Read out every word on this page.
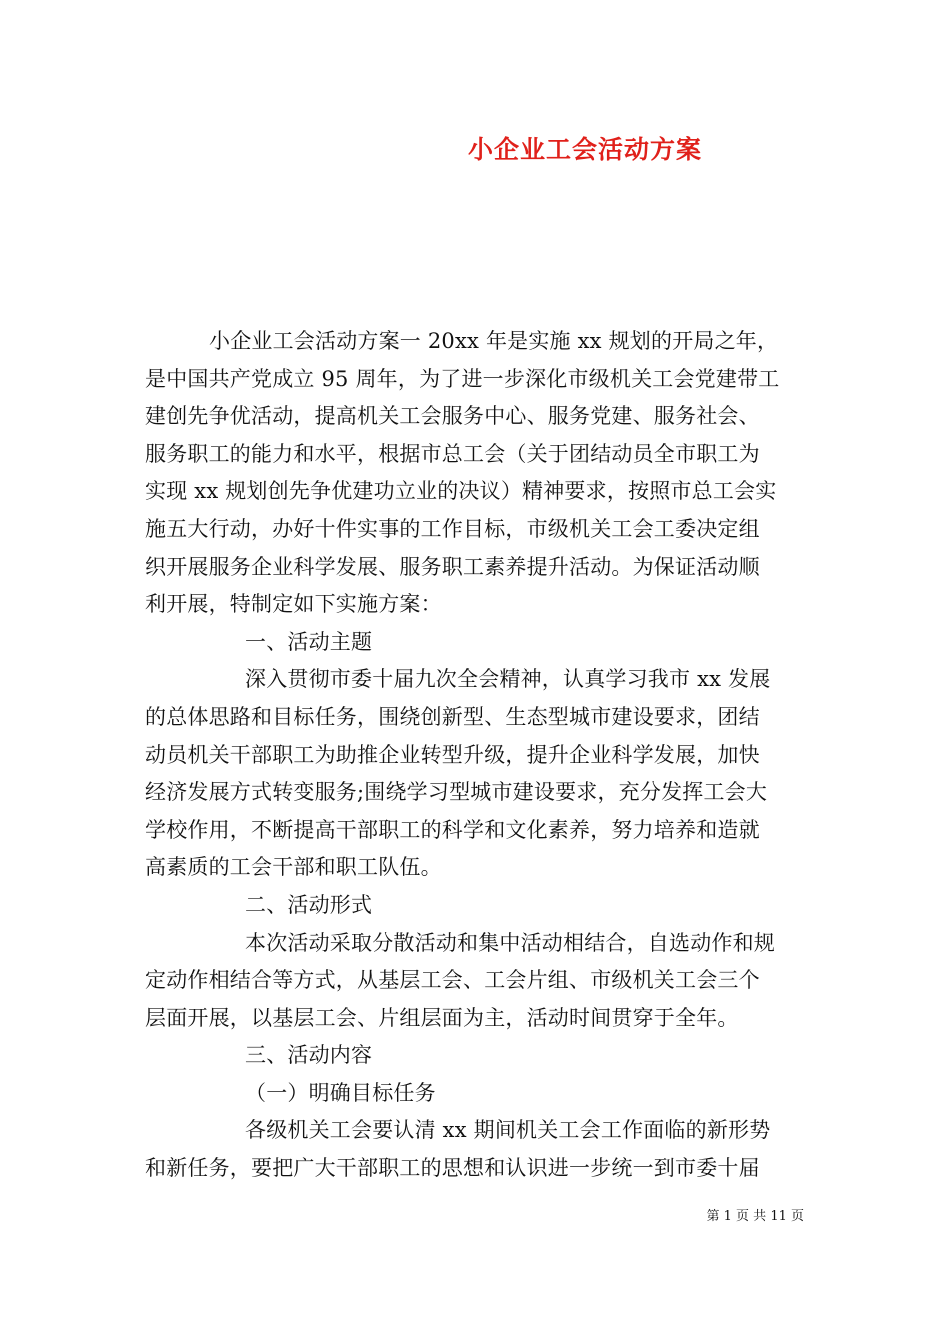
小企业工会活动方案
小企业工会活动方案一 20xx 年是实施 xx 规划的开局之年，
是中国共产党成立 95 周年，为了进一步深化市级机关工会党建带工
建创先争优活动，提高机关工会服务中心、服务党建、服务社会、
服务职工的能力和水平，根据市总工会（关于团结动员全市职工为
实现 xx 规划创先争优建功立业的决议）精神要求，按照市总工会实
施五大行动，办好十件实事的工作目标，市级机关工会工委决定组
织开展服务企业科学发展、服务职工素养提升活动。为保证活动顺
利开展，特制定如下实施方案：
一、活动主题
深入贯彻市委十届九次全会精神，认真学习我市 xx 发展
的总体思路和目标任务，围绕创新型、生态型城市建设要求，团结
动员机关干部职工为助推企业转型升级，提升企业科学发展，加快
经济发展方式转变服务;围绕学习型城市建设要求，充分发挥工会大
学校作用，不断提高干部职工的科学和文化素养，努力培养和造就
高素质的工会干部和职工队伍。
二、活动形式
本次活动采取分散活动和集中活动相结合，自选动作和规
定动作相结合等方式，从基层工会、工会片组、市级机关工会三个
层面开展，以基层工会、片组层面为主，活动时间贯穿于全年。
三、活动内容
（一）明确目标任务
各级机关工会要认清 xx 期间机关工会工作面临的新形势
和新任务，要把广大干部职工的思想和认识进一步统一到市委十届
第 1 页 共 11 页
